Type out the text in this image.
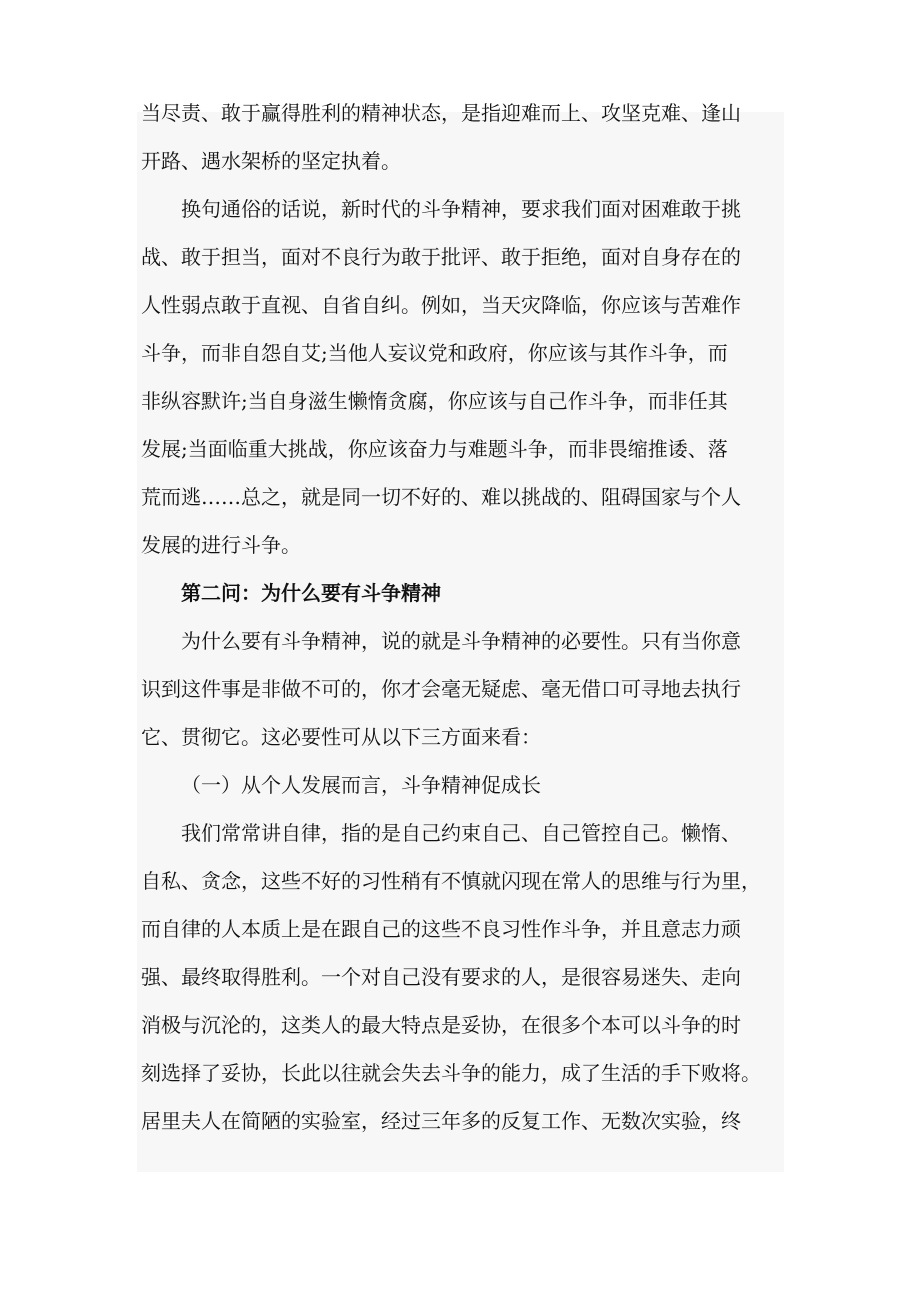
当尽责、敢于赢得胜利的精神状态，是指迎难而上、攻坚克难、逢山
开路、遇水架桥的坚定执着。
换句通俗的话说，新时代的斗争精神，要求我们面对困难敢于挑
战、敢于担当，面对不良行为敢于批评、敢于拒绝，面对自身存在的
人性弱点敢于直视、自省自纠。例如，当天灾降临，你应该与苦难作
斗争，而非自怨自艾;当他人妄议党和政府，你应该与其作斗争，而
非纵容默许;当自身滋生懒惰贪腐，你应该与自己作斗争，而非任其
发展;当面临重大挑战，你应该奋力与难题斗争，而非畏缩推诿、落
荒而逃……总之，就是同一切不好的、难以挑战的、阻碍国家与个人
发展的进行斗争。
第二问：为什么要有斗争精神
为什么要有斗争精神，说的就是斗争精神的必要性。只有当你意
识到这件事是非做不可的，你才会毫无疑虑、毫无借口可寻地去执行
它、贯彻它。这必要性可从以下三方面来看：
（一）从个人发展而言，斗争精神促成长
我们常常讲自律，指的是自己约束自己、自己管控自己。懒惰、
自私、贪念，这些不好的习性稍有不慎就闪现在常人的思维与行为里，
而自律的人本质上是在跟自己的这些不良习性作斗争，并且意志力顽
强、最终取得胜利。一个对自己没有要求的人，是很容易迷失、走向
消极与沉沦的，这类人的最大特点是妥协，在很多个本可以斗争的时
刻选择了妥协，长此以往就会失去斗争的能力，成了生活的手下败将。
居里夫人在简陋的实验室，经过三年多的反复工作、无数次实验，终
